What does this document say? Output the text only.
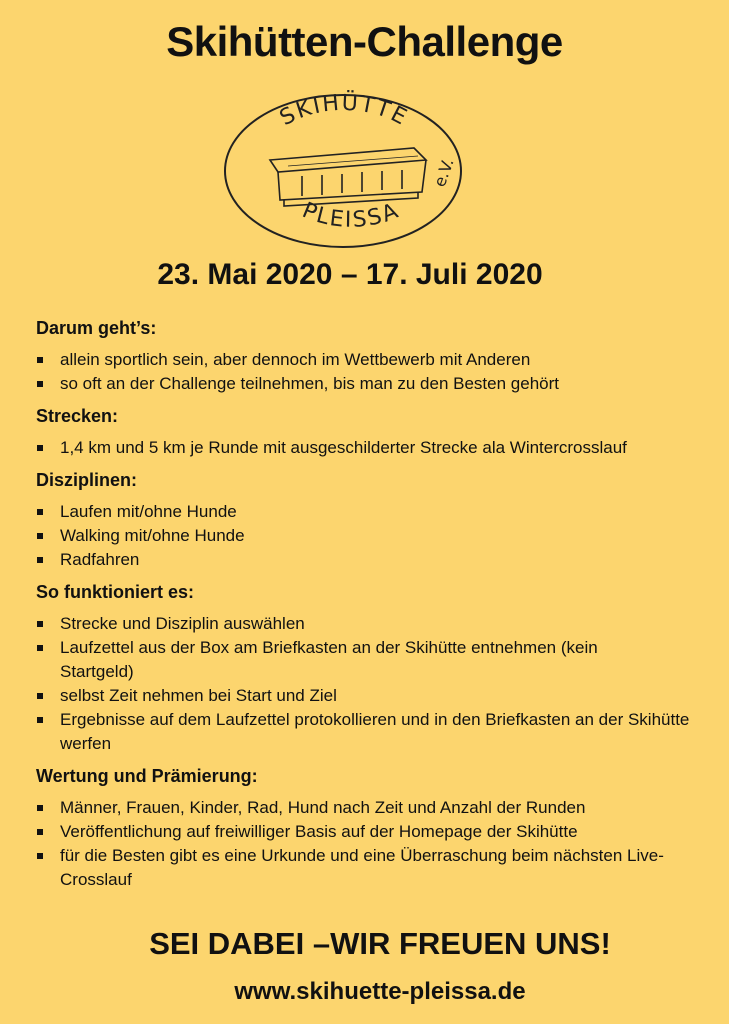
Skihütten-Challenge
SKIHÜTTE
PLEISSA
e.V.
23. Mai 2020 – 17. Juli 2020
Darum geht’s:
allein sportlich sein, aber dennoch im Wettbewerb mit Anderen
so oft an der Challenge teilnehmen, bis man zu den Besten gehört
Strecken:
1,4 km und 5 km je Runde mit ausgeschilderter Strecke ala Wintercrosslauf
Disziplinen:
Laufen mit/ohne Hunde
Walking mit/ohne Hunde
Radfahren
So funktioniert es:
Strecke und Disziplin auswählen
Laufzettel aus der Box am Briefkasten an der Skihütte entnehmen (kein Startgeld)
selbst Zeit nehmen bei Start und Ziel
Ergebnisse auf dem Laufzettel protokollieren und in den Briefkasten an der Skihütte werfen
Wertung und Prämierung:
Männer, Frauen, Kinder, Rad, Hund nach Zeit und Anzahl der Runden
Veröffentlichung auf freiwilliger Basis auf der Homepage der Skihütte
für die Besten gibt es eine Urkunde und eine Überraschung beim nächsten Live-Crosslauf
SEI DABEI –WIR FREUEN UNS!
www.skihuette-pleissa.de
